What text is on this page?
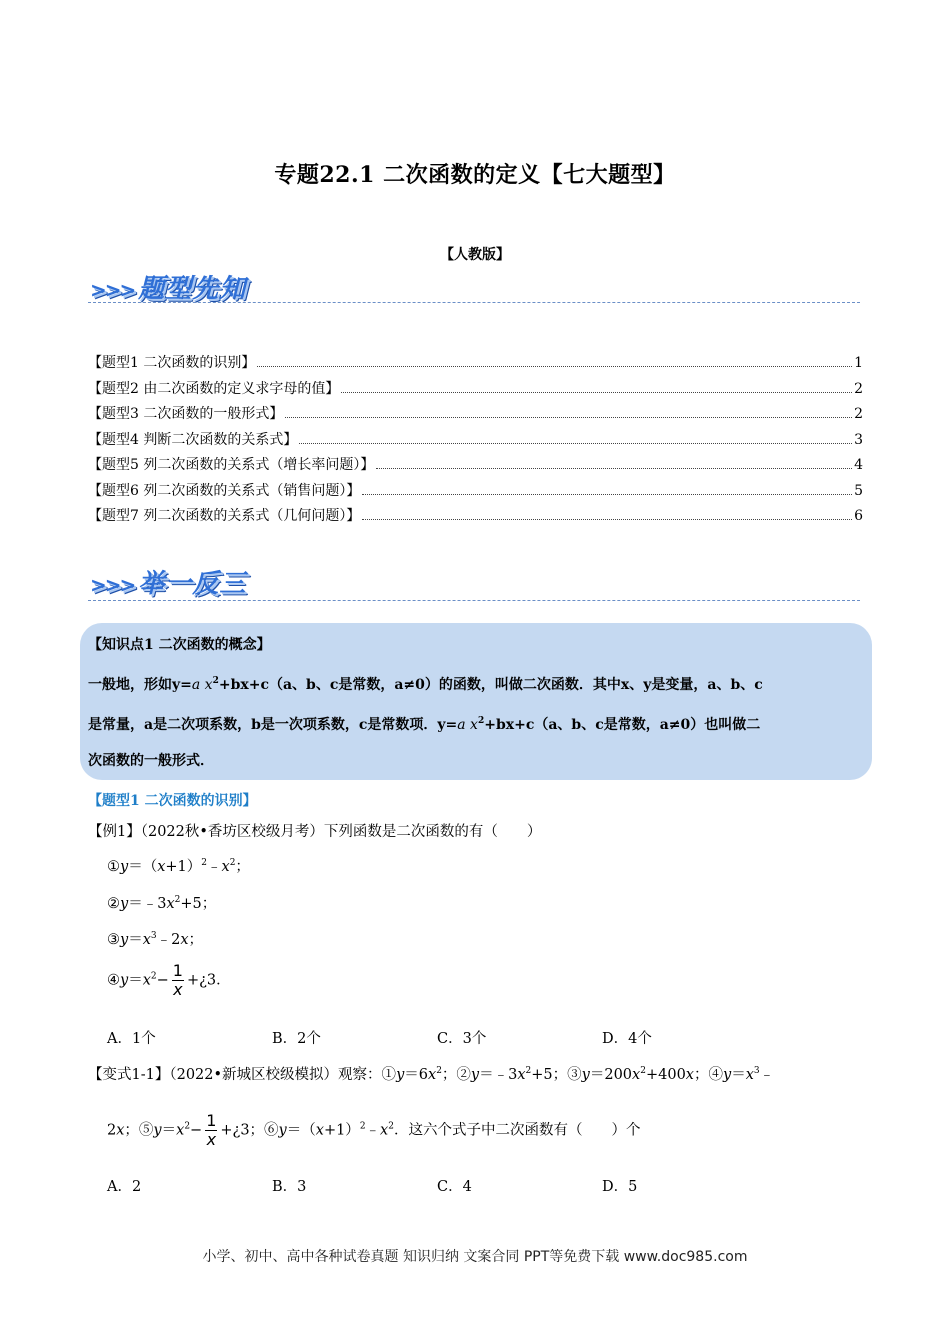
专题22.1 二次函数的定义【七大题型】
【人教版】
>>> 题型先知
【题型1 二次函数的识别】	1
【题型2 由二次函数的定义求字母的值】	2
【题型3 二次函数的一般形式】	2
【题型4 判断二次函数的关系式】	3
【题型5 列二次函数的关系式（增长率问题）】	4
【题型6 列二次函数的关系式（销售问题）】	5
【题型7 列二次函数的关系式（几何问题）】	6
>>> 举一反三

【知识点1 二次函数的概念】

一般地，形如y=a $x^2+bx+c(a$、b、c是常数，a≠0）的函数，叫做二次函数．其中x、y是变量，a、b、c

是常量，a是二次项系数，b是一次项系数，c是常数项．y=a $x^2+bx+c(a$、b、c是常数，a≠0）也叫做二

次函数的一般形式．

【题型1 二次函数的识别】
【例1】（2022秋•香坊区校级月考）下列函数是二次函数的有（　　）
$①y=(x+1)^2﹣x^2$；
$②y=﹣3x^2+5$；
$③y=x^3﹣2x$；
$④y=x^2- \frac{1}{x}$ +¿3．
A．1个	B．2个	C．3个	D．4个
【变式1-1】（2022•新城区校级模拟）观察：$①y=6x^2$；$②y=﹣3x^2+5$；$③y=200x^2+400x$；$④y=x^3﹣$
2x；$⑤y=x^2- \frac{1}{x}$ +¿3；$⑥y=(x+1)^2﹣x^2$．这六个式子中二次函数有（　　）个
A．2	B．3	C．4	D．5
小学、初中、高中各种试卷真题 知识归纳 文案合同 PPT等免费下载 www.doc985.com
